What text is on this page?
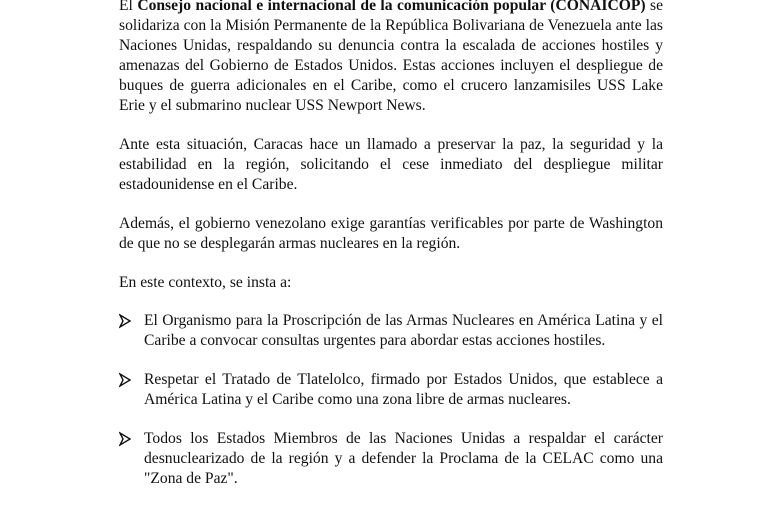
El Consejo nacional e internacional de la comunicación popular (CONAICOP) se solidariza con la Misión Permanente de la República Bolivariana de Venezuela ante las Naciones Unidas, respaldando su denuncia contra la escalada de acciones hostiles y amenazas del Gobierno de Estados Unidos. Estas acciones incluyen el despliegue de buques de guerra adicionales en el Caribe, como el crucero lanzamisiles USS Lake Erie y el submarino nuclear USS Newport News.

Ante esta situación, Caracas hace un llamado a preservar la paz, la seguridad y la estabilidad en la región, solicitando el cese inmediato del despliegue militar estadounidense en el Caribe.

Además, el gobierno venezolano exige garantías verificables por parte de Washington de que no se desplegarán armas nucleares en la región.

En este contexto, se insta a:

El Organismo para la Proscripción de las Armas Nucleares en América Latina y el Caribe a convocar consultas urgentes para abordar estas acciones hostiles.

Respetar el Tratado de Tlatelolco, firmado por Estados Unidos, que establece a América Latina y el Caribe como una zona libre de armas nucleares.

Todos los Estados Miembros de las Naciones Unidas a respaldar el carácter desnuclearizado de la región y a defender la Proclama de la CELAC como una "Zona de Paz".
